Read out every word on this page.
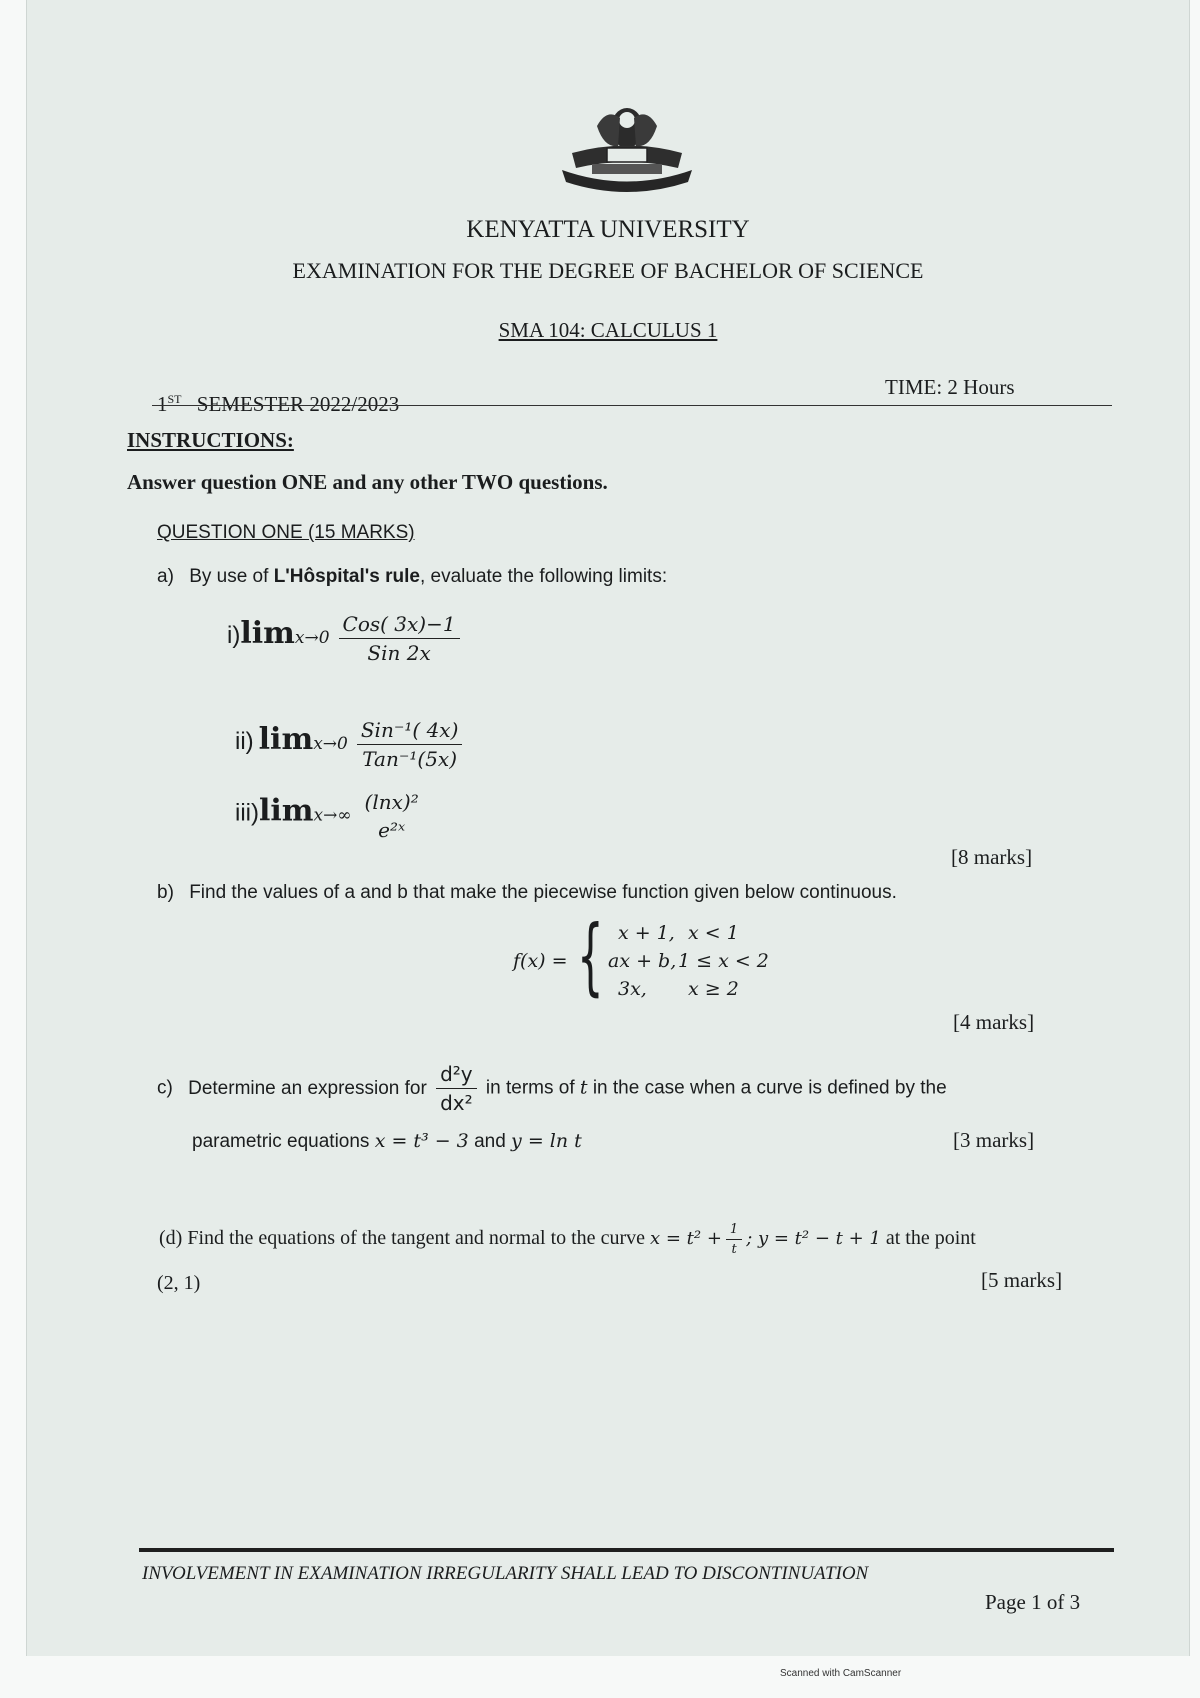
KENYATTA UNIVERSITY
EXAMINATION FOR THE DEGREE OF BACHELOR OF SCIENCE
SMA 104: CALCULUS 1
1ST SEMESTER 2022/2023
TIME: 2 Hours
INSTRUCTIONS:
Answer question ONE and any other TWO questions.
QUESTION ONE (15 MARKS)
a) By use of L'Hôspital's rule, evaluate the following limits:
$i)\lim x\to 0 \frac{\text{Cos( 3x)−1}}{\text{Sin 2x}}$
ii) $\lim x\to 0 \frac{\text{Sin⁻¹( 4x)}}{\text{Tan⁻¹(5x)}}$
iii)limx→∞
(lnx)²
e²ˣ
[8 marks]
b) Find the values of a and b that make the piecewise function given below continuous.
f(x) = { x + 1, x < 1
ax + b, 1 ≤ x < 2
3x, x ≥ 2
[4 marks]
c) Determine an expression for $\frac{\text{d²y}}{\text{dx²}}$ in terms of t in the case when a curve is defined by the
parametric equations x = t³ − 3 and y = ln t	[3 marks]
(d) Find the equations of the tangent and normal to the curve $x = t^2 + \frac{1}{t}$ ; y = t² − t + 1 at the point
(2, 1)	[5 marks]
INVOLVEMENT IN EXAMINATION IRREGULARITY SHALL LEAD TO DISCONTINUATION
Page 1 of 3
Scanned with CamScanner
